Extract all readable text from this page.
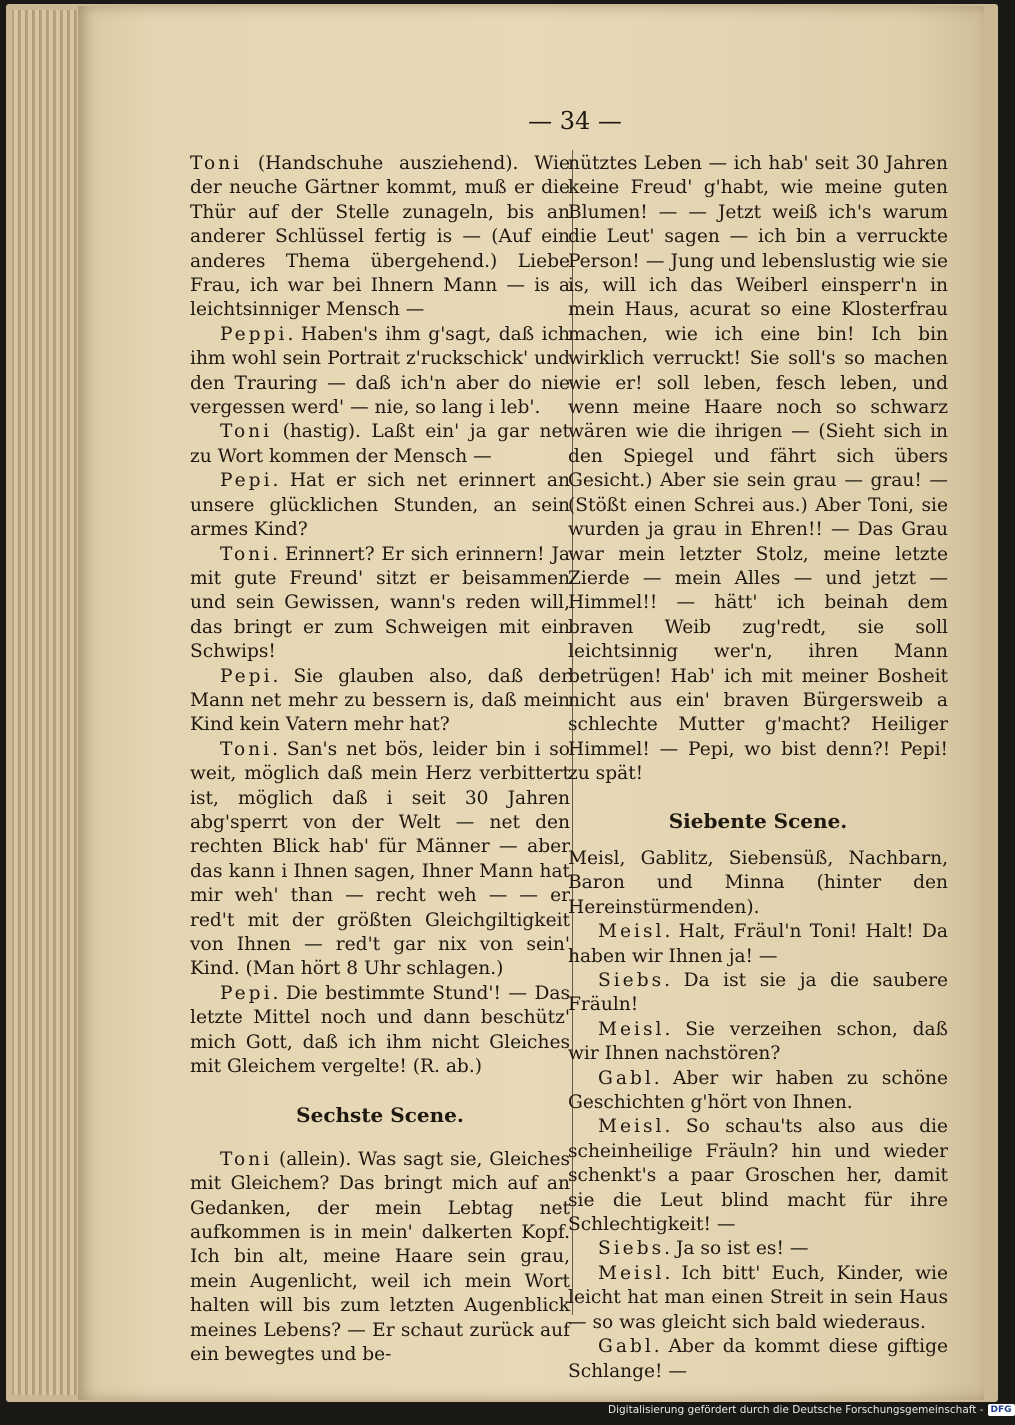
— 34 —

Toni (Handschuhe ausziehend). Wie der neuche Gärtner kommt, muß er die Thür auf der Stelle zunageln, bis an anderer Schlüssel fertig is — (Auf ein anderes Thema übergehend.) Liebe Frau, ich war bei Ihnern Mann — is a leichtsinniger Mensch —

Peppi. Haben's ihm g'sagt, daß ich ihm wohl sein Portrait z'ruckschick' und den Trauring — daß ich'n aber do nie vergessen werd' — nie, so lang i leb'.

Toni (hastig). Laßt ein' ja gar net zu Wort kommen der Mensch —

Pepi. Hat er sich net erinnert an unsere glücklichen Stunden, an sein armes Kind?

Toni. Erinnert? Er sich erinnern! Ja mit gute Freund' sitzt er beisammen und sein Gewissen, wann's reden will, das bringt er zum Schweigen mit ein Schwips!

Pepi. Sie glauben also, daß der Mann net mehr zu bessern is, daß mein Kind kein Vatern mehr hat?

Toni. San's net bös, leider bin i so weit, möglich daß mein Herz verbittert ist, möglich daß i seit 30 Jahren abg'sperrt von der Welt — net den rechten Blick hab' für Männer — aber das kann i Ihnen sagen, Ihner Mann hat mir weh' than — recht weh — — er red't mit der größten Gleichgiltigkeit von Ihnen — red't gar nix von sein' Kind. (Man hört 8 Uhr schlagen.)

Pepi. Die bestimmte Stund'! — Das letzte Mittel noch und dann beschütz' mich Gott, daß ich ihm nicht Gleiches mit Gleichem vergelte! (R. ab.)

Sechste Scene.

Toni (allein). Was sagt sie, Gleiches mit Gleichem? Das bringt mich auf an Gedanken, der mein Lebtag net aufkommen is in mein' dalkerten Kopf. Ich bin alt, meine Haare sein grau, mein Augenlicht, weil ich mein Wort halten will bis zum letzten Augenblick meines Lebens? — Er schaut zurück auf ein bewegtes und be-

nütztes Leben — ich hab' seit 30 Jahren keine Freud' g'habt, wie meine guten Blumen! — — Jetzt weiß ich's warum die Leut' sagen — ich bin a verruckte Person! — Jung und lebenslustig wie sie is, will ich das Weiberl einsperr'n in mein Haus, acurat so eine Klosterfrau machen, wie ich eine bin! Ich bin wirklich verruckt! Sie soll's so machen wie er! soll leben, fesch leben, und wenn meine Haare noch so schwarz wären wie die ihrigen — (Sieht sich in den Spiegel und fährt sich übers Gesicht.) Aber sie sein grau — grau! — (Stößt einen Schrei aus.) Aber Toni, sie wurden ja grau in Ehren!! — Das Grau war mein letzter Stolz, meine letzte Zierde — mein Alles — und jetzt — Himmel!! — hätt' ich beinah dem braven Weib zug'redt, sie soll leichtsinnig wer'n, ihren Mann betrügen! Hab' ich mit meiner Bosheit nicht aus ein' braven Bürgersweib a schlechte Mutter g'macht? Heiliger Himmel! — Pepi, wo bist denn?! Pepi! zu spät!

Siebente Scene.

Meisl, Gablitz, Siebensüß, Nachbarn, Baron und Minna (hinter den Hereinstürmenden).

Meisl. Halt, Fräul'n Toni! Halt! Da haben wir Ihnen ja! —

Siebs. Da ist sie ja die saubere Fräuln!

Meisl. Sie verzeihen schon, daß wir Ihnen nachstören?

Gabl. Aber wir haben zu schöne Geschichten g'hört von Ihnen.

Meisl. So schau'ts also aus die scheinheilige Fräuln? hin und wieder schenkt's a paar Groschen her, damit sie die Leut blind macht für ihre Schlechtigkeit! —

Siebs. Ja so ist es! —

Meisl. Ich bitt' Euch, Kinder, wie leicht hat man einen Streit in sein Haus — so was gleicht sich bald wiederaus.

Gabl. Aber da kommt diese giftige Schlange! —

Digitalisierung gefördert durch die Deutsche Forschungsgemeinschaft - DFG
